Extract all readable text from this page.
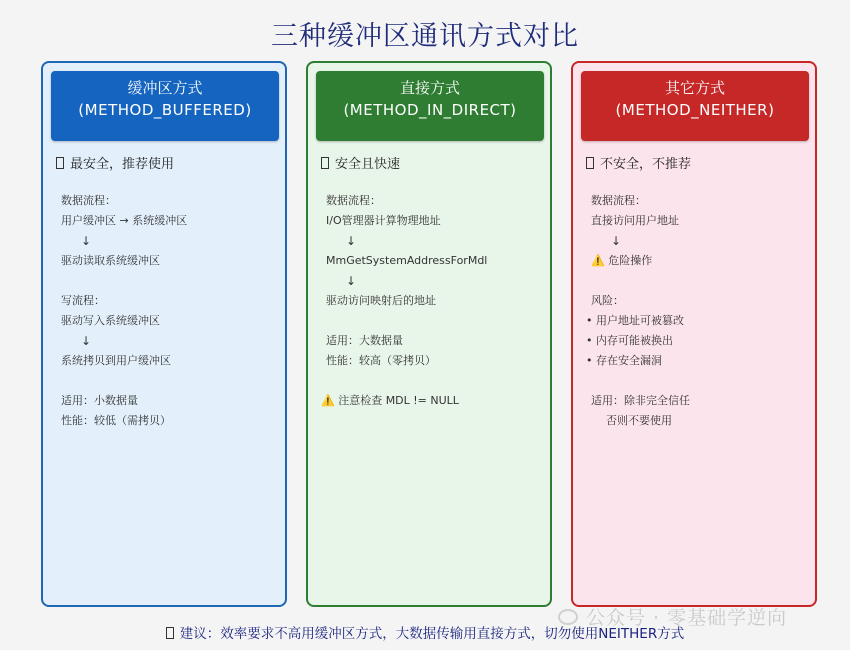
三种缓冲区通讯方式对比
缓冲区方式
(METHOD_BUFFERED)
最安全，推荐使用
数据流程：
用户缓冲区 → 系统缓冲区
↓
驱动读取系统缓冲区
写流程：
驱动写入系统缓冲区
↓
系统拷贝到用户缓冲区
适用：小数据量
性能：较低（需拷贝）
直接方式
(METHOD_IN_DIRECT)
安全且快速
数据流程：
I/O管理器计算物理地址
↓
MmGetSystemAddressForMdl
↓
驱动访问映射后的地址
适用：大数据量
性能：较高（零拷贝）
⚠️ 注意检查 MDL != NULL
其它方式
(METHOD_NEITHER)
不安全，不推荐
数据流程：
直接访问用户地址
↓
⚠️ 危险操作
风险：
• 用户地址可被篡改
• 内存可能被换出
• 存在安全漏洞
适用：除非完全信任
否则不要使用
公众号 · 零基础学逆向
建议：效率要求不高用缓冲区方式，大数据传输用直接方式，切勿使用NEITHER方式
